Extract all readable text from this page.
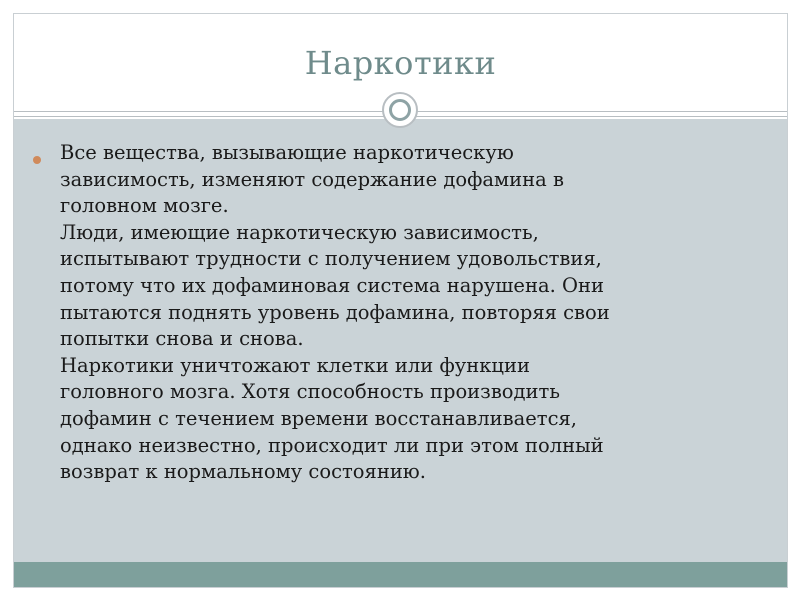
Наркотики
Все вещества, вызывающие наркотическую
зависимость, изменяют содержание дофамина в
головном мозге.
Люди, имеющие наркотическую зависимость,
испытывают трудности с получением удовольствия,
потому что их дофаминовая система нарушена. Они
пытаются поднять уровень дофамина, повторяя свои
попытки снова и снова.
Наркотики уничтожают клетки или функции
головного мозга. Хотя способность производить
дофамин с течением времени восстанавливается,
однако неизвестно, происходит ли при этом полный
возврат к нормальному состоянию.
